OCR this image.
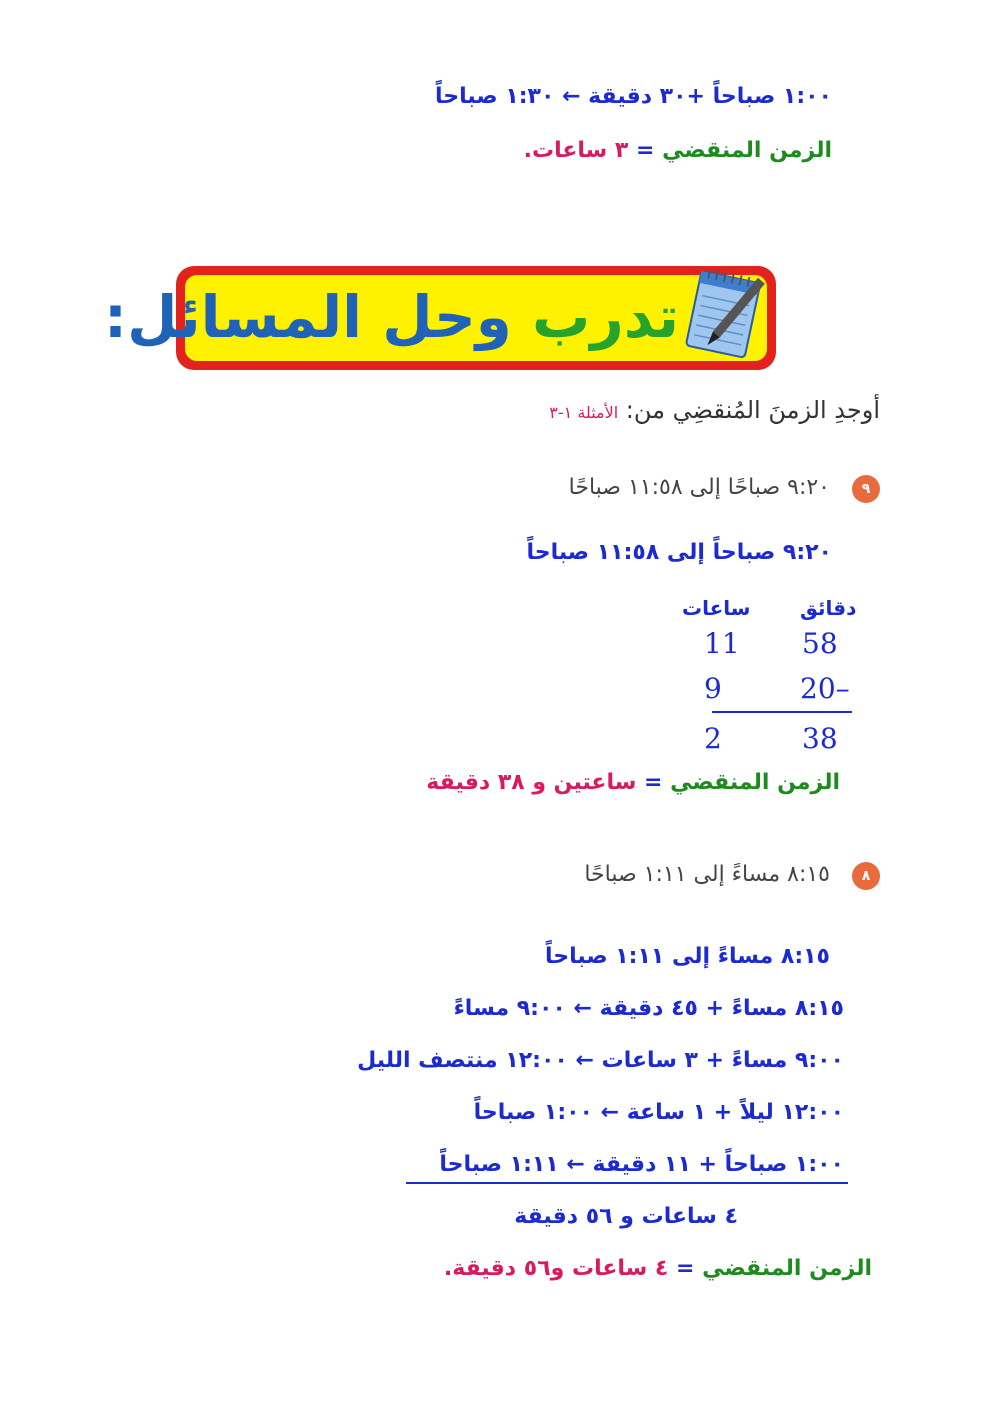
١:٠٠ صباحاً +٣٠ دقيقة ← ١:٣٠ صباحاً
الزمن المنقضي = ٣ ساعات.
تدرب وحل المسائل:
أوجدِ الزمنَ المُنقضِي من: الأمثلة ١-٣
٩
٩:٢٠ صباحًا إلى ١١:٥٨ صباحًا
٩:٢٠ صباحاً إلى ١١:٥٨ صباحاً
دقائق
ساعات
58
11
20–
9
38
2
الزمن المنقضي = ساعتين و ٣٨ دقيقة
٨
٨:١٥ مساءً إلى ١:١١ صباحًا
٨:١٥ مساءً إلى ١:١١ صباحاً
٨:١٥ مساءً + ٤٥ دقيقة ← ٩:٠٠ مساءً
٩:٠٠ مساءً + ٣ ساعات ← ١٢:٠٠ منتصف الليل
١٢:٠٠ ليلاً + ١ ساعة ← ١:٠٠ صباحاً
١:٠٠ صباحاً + ١١ دقيقة ← ١:١١ صباحاً
٤ ساعات و ٥٦ دقيقة
الزمن المنقضي = ٤ ساعات و٥٦ دقيقة.
